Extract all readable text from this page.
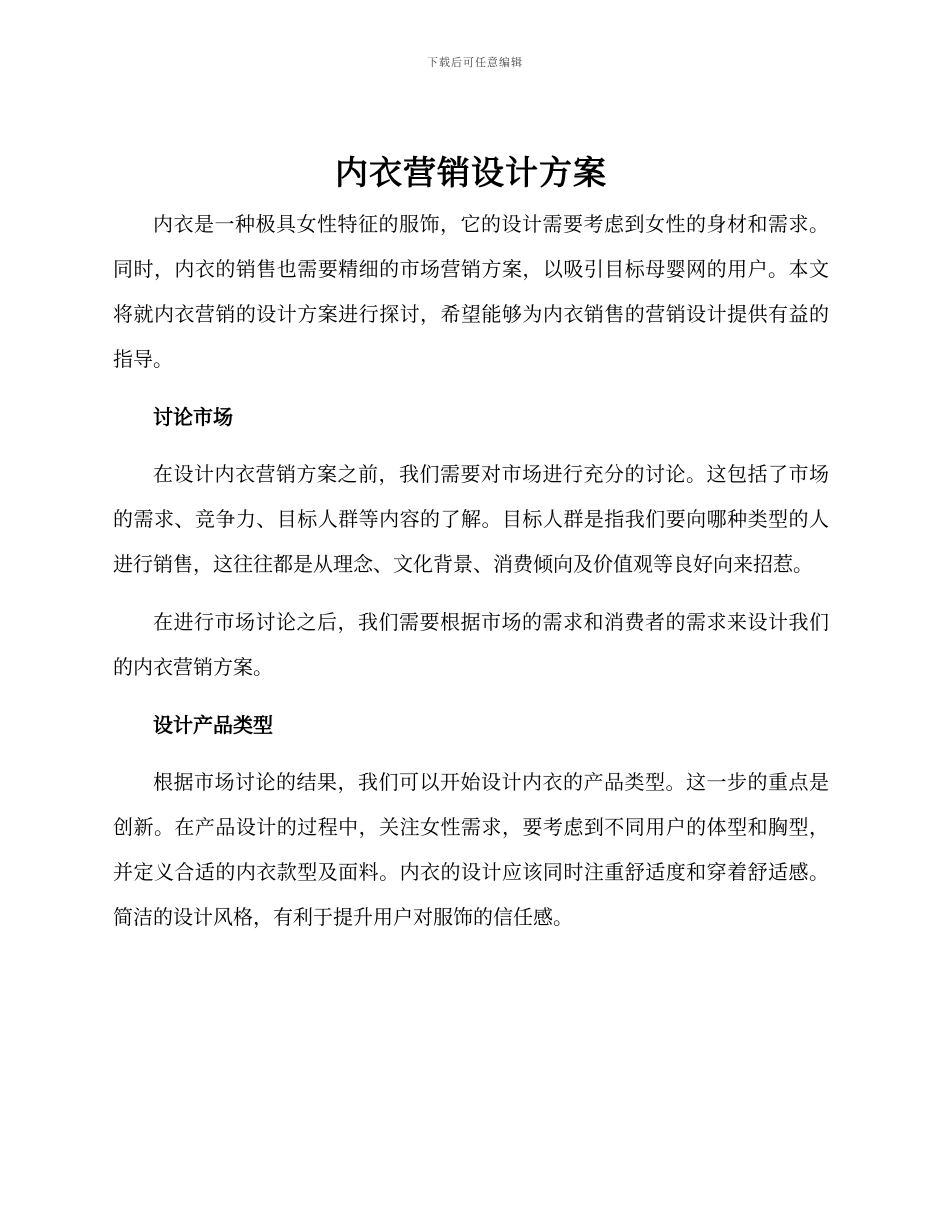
下载后可任意编辑
内衣营销设计方案

内衣是一种极具女性特征的服饰，它的设计需要考虑到女性的身材和需求。同时，内衣的销售也需要精细的市场营销方案，以吸引目标母婴网的用户。本文将就内衣营销的设计方案进行探讨，希望能够为内衣销售的营销设计提供有益的指导。

讨论市场

在设计内衣营销方案之前，我们需要对市场进行充分的讨论。这包括了市场的需求、竞争力、目标人群等内容的了解。目标人群是指我们要向哪种类型的人进行销售，这往往都是从理念、文化背景、消费倾向及价值观等良好向来招惹。

在进行市场讨论之后，我们需要根据市场的需求和消费者的需求来设计我们的内衣营销方案。

设计产品类型

根据市场讨论的结果，我们可以开始设计内衣的产品类型。这一步的重点是创新。在产品设计的过程中，关注女性需求，要考虑到不同用户的体型和胸型，并定义合适的内衣款型及面料。内衣的设计应该同时注重舒适度和穿着舒适感。简洁的设计风格，有利于提升用户对服饰的信任感。
